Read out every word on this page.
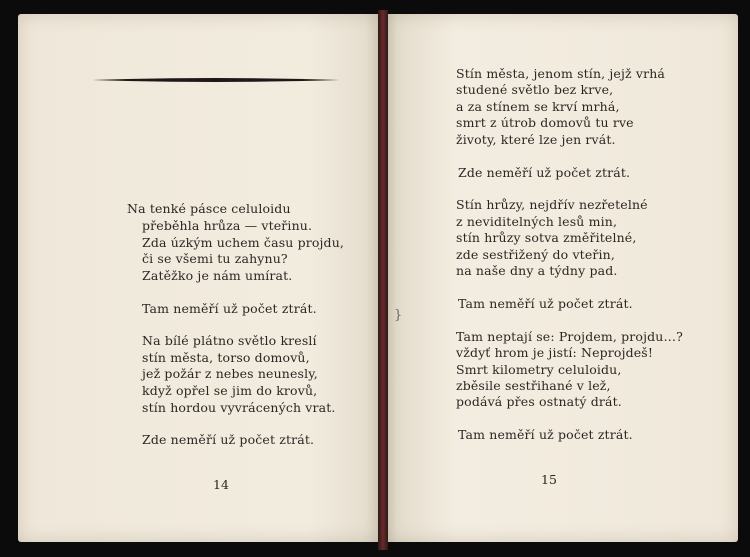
Na tenké pásce celuloidu
přeběhla hrůza — vteřinu.
Zda úzkým uchem času projdu,
či se všemi tu zahynu?
Zatěžko je nám umírat.
Tam neměří už počet ztrát.
Na bílé plátno světlo kreslí
stín města, torso domovů,
jež požár z nebes neunesly,
když opřel se jim do krovů,
stín hordou vyvrácených vrat.
Zde neměří už počet ztrát.
Stín města, jenom stín, jejž vrhá
studené světlo bez krve,
a za stínem se krví mrhá,
smrt z útrob domovů tu rve
životy, které lze jen rvát.
Zde neměří už počet ztrát.
Stín hrůzy, nejdřív nezřetelné
z neviditelných lesů min,
stín hrůzy sotva změřitelné,
zde sestřižený do vteřin,
na naše dny a týdny pad.
Tam neměří už počet ztrát.
Tam neptají se: Projdem, projdu…?
vždyť hrom je jistí: Neprojdeš!
Smrt kilometry celuloidu,
zběsile sestřihané v lež,
podává přes ostnatý drát.
Tam neměří už počet ztrát.
}
14	15
